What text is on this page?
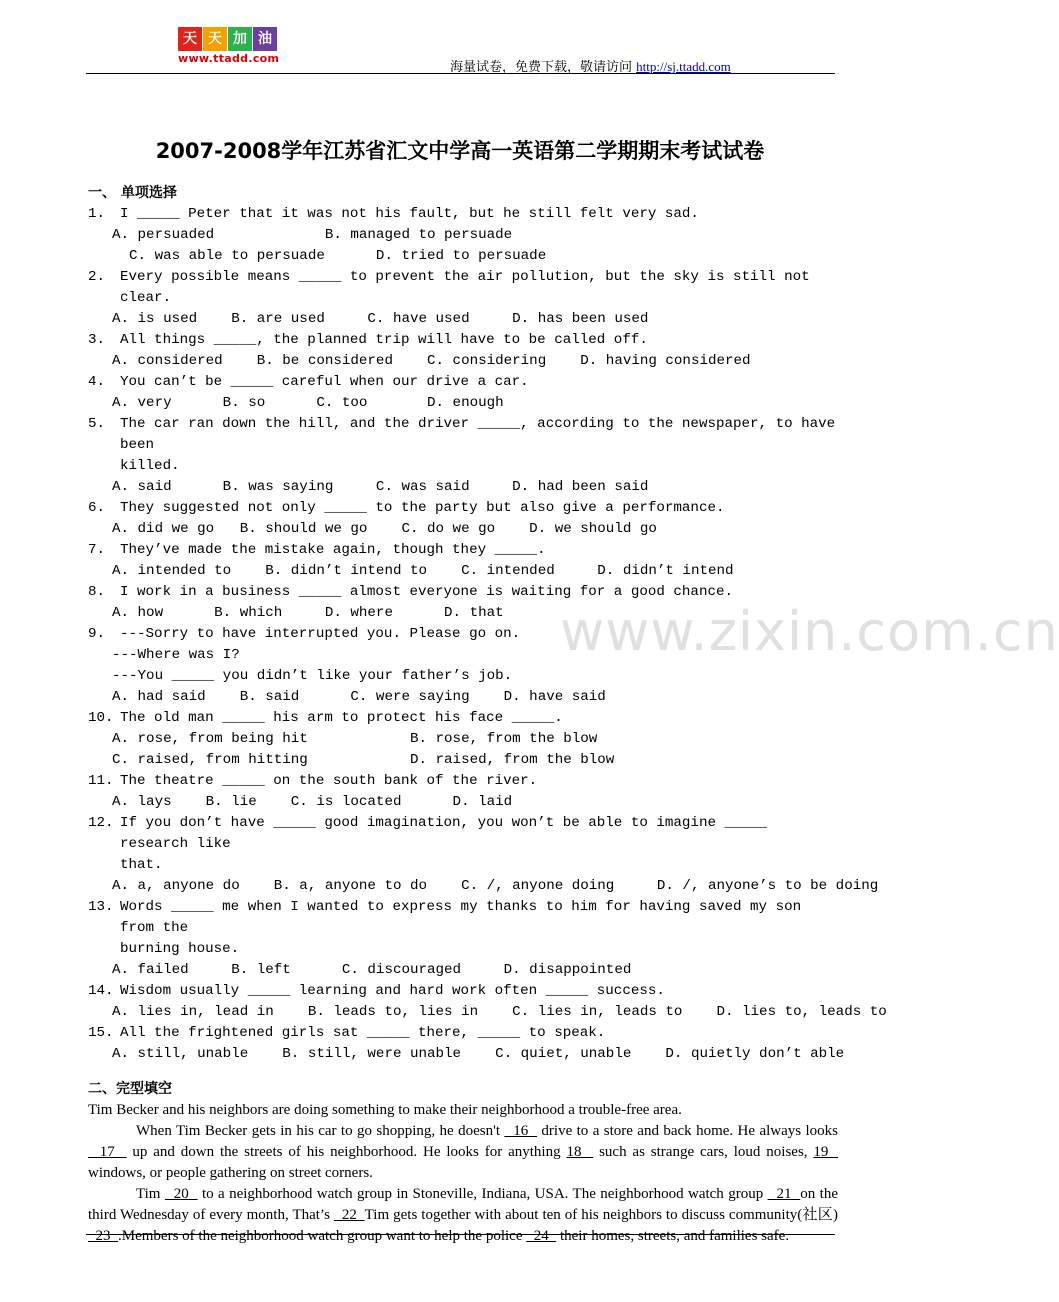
天 天 加 油
www.ttadd.com
海量试卷，免费下载，敬请访问 http://sj.ttadd.com
www.zixin.com.cn
2007-2008学年江苏省汇文中学高一英语第二学期期末考试试卷
一、 单项选择
1.	I _____ Peter that it was not his fault, but he still felt very sad.
A. persuaded             B. managed to persuade
C. was able to persuade      D. tried to persuade
2.	Every possible means _____ to prevent the air pollution, but the sky is still not clear.
A. is used    B. are used     C. have used     D. has been used
3.	All things _____, the planned trip will have to be called off.
A. considered    B. be considered    C. considering    D. having considered
4.	You can’t be _____ careful when our drive a car.
A. very      B. so      C. too       D. enough
5.	The car ran down the hill, and the driver _____, according to the newspaper, to have been
killed.
A. said      B. was saying     C. was said     D. had been said
6.	They suggested not only _____ to the party but also give a performance.
A. did we go   B. should we go    C. do we go    D. we should go
7.	They’ve made the mistake again, though they _____.
A. intended to    B. didn’t intend to    C. intended     D. didn’t intend
8.	I work in a business _____ almost everyone is waiting for a good chance.
A. how      B. which     D. where      D. that
9.	---Sorry to have interrupted you. Please go on.
---Where was I?
---You _____ you didn’t like your father’s job.
A. had said    B. said      C. were saying    D. have said
10. The old man _____ his arm to protect his face _____.
A. rose, from being hit            B. rose, from the blow
C. raised, from hitting            D. raised, from the blow
11. The theatre _____ on the south bank of the river.
A. lays    B. lie    C. is located      D. laid
12. If you don’t have _____ good imagination, you won’t be able to imagine _____ research like
that.
A. a, anyone do    B. a, anyone to do    C. /, anyone doing     D. /, anyone’s to be doing
13. Words _____ me when I wanted to express my thanks to him for having saved my son from the
burning house.
A. failed     B. left      C. discouraged     D. disappointed
14. Wisdom usually _____ learning and hard work often _____ success.
A. lies in, lead in    B. leads to, lies in    C. lies in, leads to    D. lies to, leads to
15. All the frightened girls sat _____ there, _____ to speak.
A. still, unable    B. still, were unable    C. quiet, unable    D. quietly don’t able
二、完型填空
Tim Becker and his neighbors are doing something to make their neighborhood a trouble-free area.
When Tim Becker gets in his car to go shopping, he doesn't   16   drive to a store and back home. He always looks   17   up and down the streets of his neighborhood. He looks for anything 18   such as strange cars, loud noises, 19   windows, or people gathering on street corners.
Tim   20   to a neighborhood watch group in Stoneville, Indiana, USA. The neighborhood watch group   21  on the third Wednesday of every month, That’s   22  Tim gets together with about ten of his neighbors to discuss community(社区)   23  .Members of the neighborhood watch group want to help the police   24   their homes, streets, and families safe.
